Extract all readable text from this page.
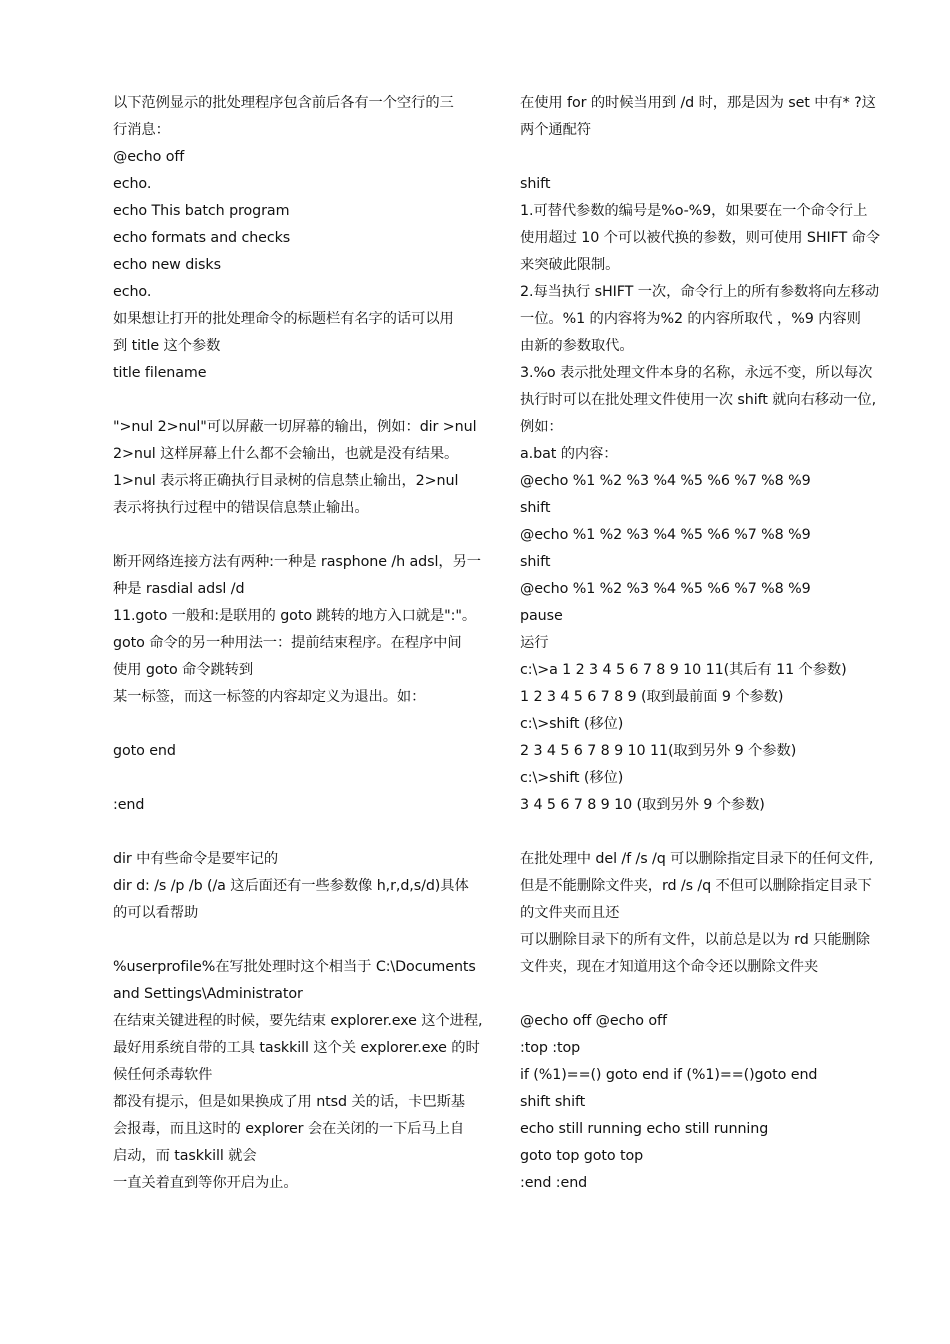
以下范例显示的批处理程序包含前后各有一个空行的三
行消息：
@echo off
echo.
echo This batch program
echo formats and checks
echo new disks
echo.
如果想让打开的批处理命令的标题栏有名字的话可以用
到 title 这个参数
title filename
">nul 2>nul"可以屏蔽一切屏幕的输出，例如：dir >nul
2>nul 这样屏幕上什么都不会输出，也就是没有结果。
1>nul 表示将正确执行目录树的信息禁止输出，2>nul
表示将执行过程中的错误信息禁止输出。
断开网络连接方法有两种:一种是 rasphone /h adsl，另一
种是 rasdial adsl /d
11.goto 一般和:是联用的 goto 跳转的地方入口就是":"。
goto 命令的另一种用法一：提前结束程序。在程序中间
使用 goto 命令跳转到
某一标签，而这一标签的内容却定义为退出。如：
goto end
:end
dir 中有些命令是要牢记的
dir d: /s /p /b (/a 这后面还有一些参数像 h,r,d,s/d)具体
的可以看帮助
%userprofile%在写批处理时这个相当于 C:\Documents
and Settings\Administrator
在结束关键进程的时候，要先结束 explorer.exe 这个进程,
最好用系统自带的工具 taskkill 这个关 explorer.exe 的时
候任何杀毒软件
都没有提示，但是如果换成了用 ntsd 关的话，卡巴斯基
会报毒，而且这时的 explorer 会在关闭的一下后马上自
启动，而 taskkill 就会
一直关着直到等你开启为止。
在使用 for 的时候当用到 /d 时，那是因为 set 中有* ?这
两个通配符
shift
1.可替代参数的编号是%o-%9，如果要在一个命令行上
使用超过 10 个可以被代换的参数，则可使用 SHIFT 命令
来突破此限制。
2.每当执行 sHIFT 一次，命令行上的所有参数将向左移动
一位。%1 的内容将为%2 的内容所取代 ，%9 内容则
由新的参数取代。
3.%o 表示批处理文件本身的名称，永远不变，所以每次
执行时可以在批处理文件使用一次 shift 就向右移动一位,
例如：
a.bat 的内容：
@echo %1 %2 %3 %4 %5 %6 %7 %8 %9
shift
@echo %1 %2 %3 %4 %5 %6 %7 %8 %9
shift
@echo %1 %2 %3 %4 %5 %6 %7 %8 %9
pause
运行
c:\>a 1 2 3 4 5 6 7 8 9 10 11(其后有 11 个参数)
1 2 3 4 5 6 7 8 9 (取到最前面 9 个参数)
c:\>shift (移位)
2 3 4 5 6 7 8 9 10 11(取到另外 9 个参数)
c:\>shift (移位)
3 4 5 6 7 8 9 10 (取到另外 9 个参数)
在批处理中 del /f /s /q 可以删除指定目录下的任何文件,
但是不能删除文件夹，rd /s /q 不但可以删除指定目录下
的文件夹而且还
可以删除目录下的所有文件，以前总是以为 rd 只能删除
文件夹，现在才知道用这个命令还以删除文件夹
@echo off @echo off
:top :top
if (%1)==() goto end if (%1)==()goto end
shift shift
echo still running echo still running
goto top goto top
:end :end
